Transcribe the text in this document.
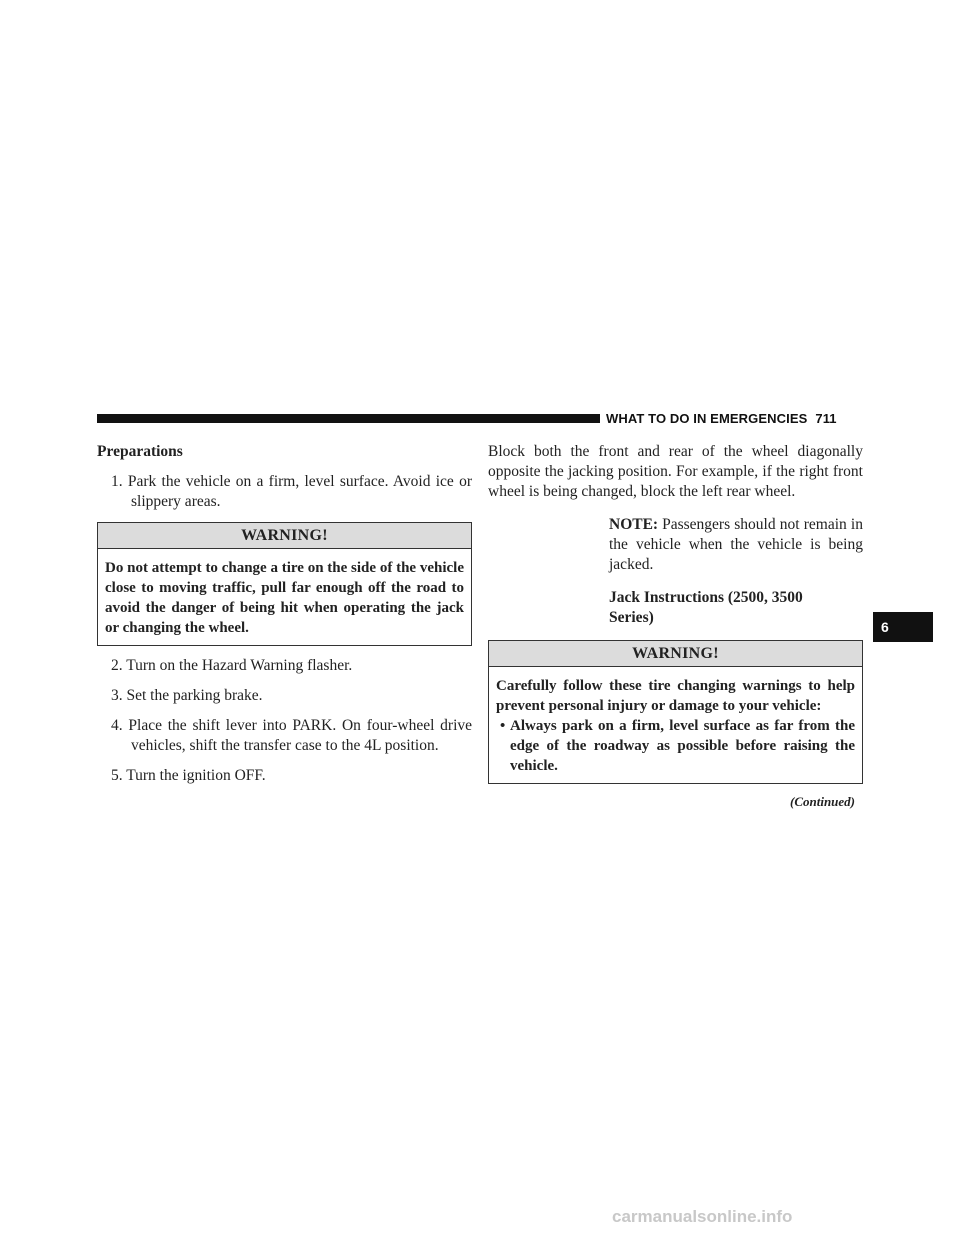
WHAT TO DO IN EMERGENCIES 711
6

Preparations

1. Park the vehicle on a firm, level surface. Avoid ice or slippery areas.

WARNING!

Do not attempt to change a tire on the side of the vehicle close to moving traffic, pull far enough off the road to avoid the danger of being hit when operating the jack or changing the wheel.

2. Turn on the Hazard Warning flasher.

3. Set the parking brake.

4. Place the shift lever into PARK. On four-wheel drive vehicles, shift the transfer case to the 4L position.

5. Turn the ignition OFF.

Block both the front and rear of the wheel diagonally opposite the jacking position. For example, if the right front wheel is being changed, block the left rear wheel.

NOTE: Passengers should not remain in the vehicle when the vehicle is being jacked.

Jack Instructions (2500, 3500 Series)

WARNING!

Carefully follow these tire changing warnings to help prevent personal injury or damage to your vehicle:

• Always park on a firm, level surface as far from the edge of the roadway as possible before raising the vehicle.

(Continued)
carmanualsonline.info
